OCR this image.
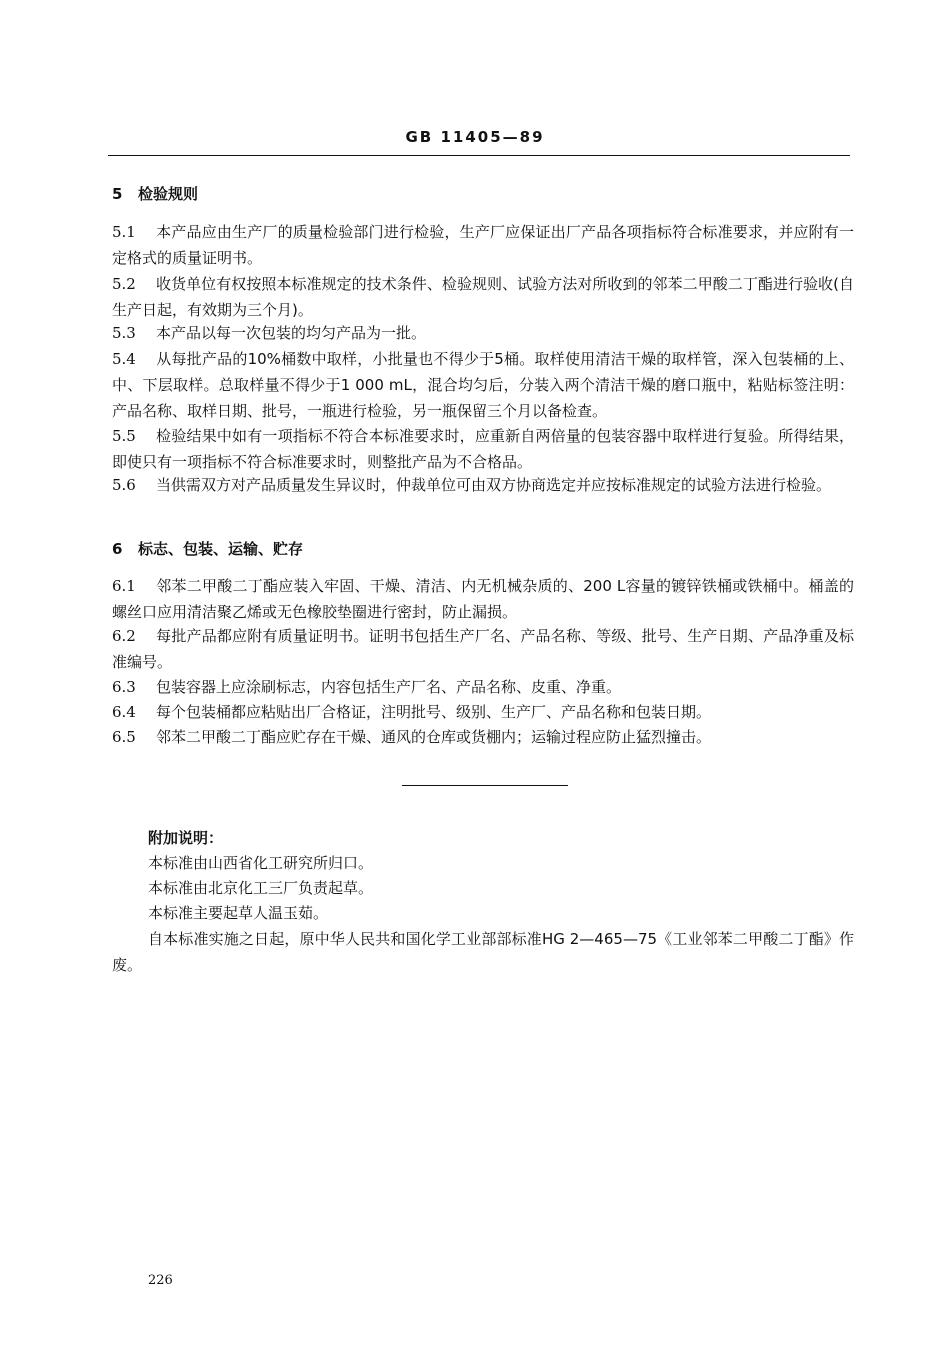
GB 11405—89
5 检验规则
5.1 本产品应由生产厂的质量检验部门进行检验，生产厂应保证出厂产品各项指标符合标准要求，并应附有一定格式的质量证明书。
5.2 收货单位有权按照本标准规定的技术条件、检验规则、试验方法对所收到的邻苯二甲酸二丁酯进行验收(自生产日起，有效期为三个月)。
5.3 本产品以每一次包装的均匀产品为一批。
5.4 从每批产品的10%桶数中取样，小批量也不得少于5桶。取样使用清洁干燥的取样管，深入包装桶的上、中、下层取样。总取样量不得少于1 000 mL，混合均匀后，分装入两个清洁干燥的磨口瓶中，粘贴标签注明：产品名称、取样日期、批号，一瓶进行检验，另一瓶保留三个月以备检查。
5.5 检验结果中如有一项指标不符合本标准要求时，应重新自两倍量的包装容器中取样进行复验。所得结果，即使只有一项指标不符合标准要求时，则整批产品为不合格品。
5.6 当供需双方对产品质量发生异议时，仲裁单位可由双方协商选定并应按标准规定的试验方法进行检验。
6 标志、包装、运输、贮存
6.1 邻苯二甲酸二丁酯应装入牢固、干燥、清洁、内无机械杂质的、200 L容量的镀锌铁桶或铁桶中。桶盖的螺丝口应用清洁聚乙烯或无色橡胶垫圈进行密封，防止漏损。
6.2 每批产品都应附有质量证明书。证明书包括生产厂名、产品名称、等级、批号、生产日期、产品净重及标准编号。
6.3 包装容器上应涂刷标志，内容包括生产厂名、产品名称、皮重、净重。
6.4 每个包装桶都应粘贴出厂合格证，注明批号、级别、生产厂、产品名称和包装日期。
6.5 邻苯二甲酸二丁酯应贮存在干燥、通风的仓库或货棚内；运输过程应防止猛烈撞击。
附加说明：
本标准由山西省化工研究所归口。
本标准由北京化工三厂负责起草。
本标准主要起草人温玉茹。
自本标准实施之日起，原中华人民共和国化学工业部部标准HG 2—465—75《工业邻苯二甲酸二丁酯》作废。
226
